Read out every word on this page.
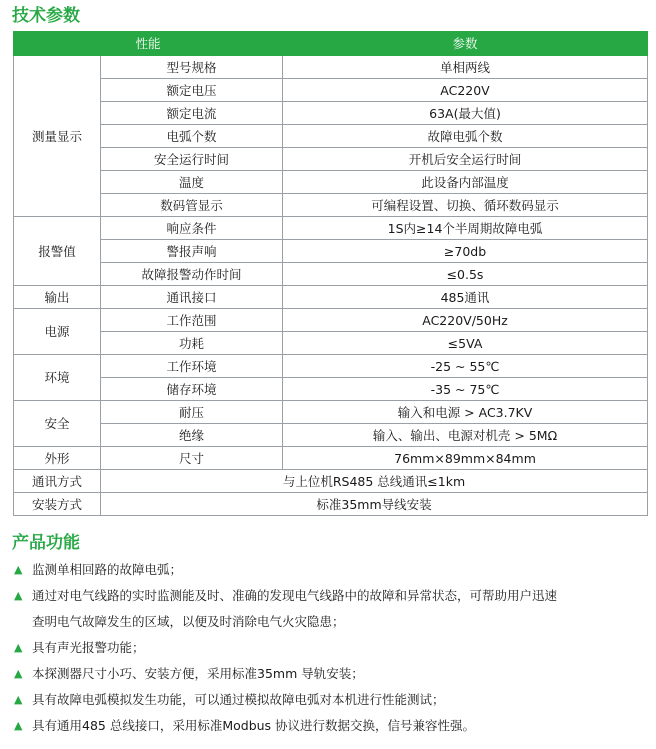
技术参数
性能		参数
测量显示	型号规格	单相两线
	额定电压	AC220V
	额定电流	63A(最大值)
	电弧个数	故障电弧个数
	安全运行时间	开机后安全运行时间
	温度	此设备内部温度
	数码管显示	可编程设置、切换、循环数码显示
报警值	响应条件	1S内≥14个半周期故障电弧
	警报声响	≥70db
	故障报警动作时间	≤0.5s
输出	通讯接口	485通讯
电源	工作范围	AC220V/50Hz
	功耗	≤5VA
环境	工作环境	-25 ~ 55℃
	储存环境	-35 ~ 75℃
安全	耐压	输入和电源 > AC3.7KV
	绝缘	输入、输出、电源对机壳 > 5MΩ
外形	尺寸	76mm×89mm×84mm
通讯方式	与上位机RS485 总线通讯≤1km	
安装方式	标准35mm导线安装	
产品功能
▲ 监测单相回路的故障电弧；
▲ 通过对电气线路的实时监测能及时、准确的发现电气线路中的故障和异常状态，可帮助用户迅速
查明电气故障发生的区域，以便及时消除电气火灾隐患；
▲ 具有声光报警功能；
▲ 本探测器尺寸小巧、安装方便，采用标准35mm 导轨安装；
▲ 具有故障电弧模拟发生功能，可以通过模拟故障电弧对本机进行性能测试；
▲ 具有通用485 总线接口，采用标准Modbus 协议进行数据交换，信号兼容性强。
